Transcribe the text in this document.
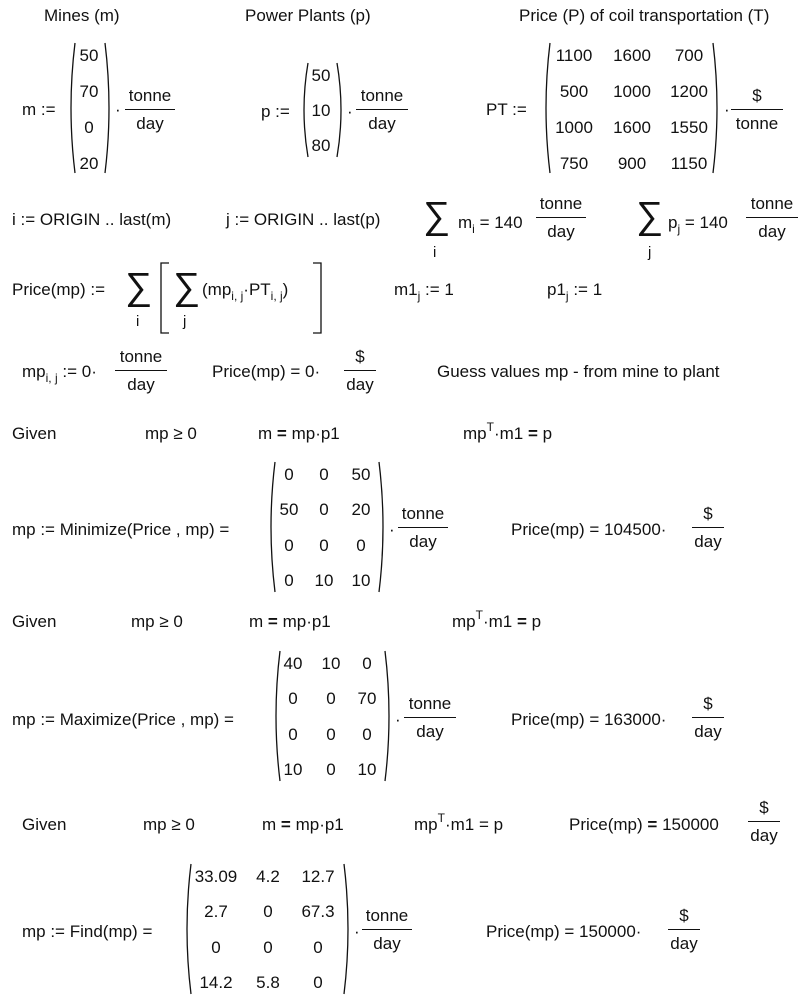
Mines (m)	Power Plants (p)	Price (P) of coil transportation (T)
m :=
50
70
0
20
·
tonne
day
p :=
50
10
80
·
tonne
day
PT :=
1100	1600	700
500	1000	1200
1000	1600	1550
750	900	1150
·
$
tonne
i := ORIGIN .. last(m)	j := ORIGIN .. last(p) ∑
i
$m_i = 140$
tonne
day ∑
j
$p_j = 140$
tonne
day
Price(mp) := ∑
i
∑
j
$(mp_{i, j}\cdot PT_{i, j})$	$m1_j$ := 1	$p1_j$ := 1
$mp_{i, j}$ := 0·
tonne
day
Price(mp) = 0·
$
day
Guess values mp - from mine to plant
Given	mp ≥ 0	m = mp·p1	$mp^T\cdot m1 = p$
mp := Minimize(Price , mp) =
0	0	50
50	0	20
0	0	0
0	10	10
·
tonne
day
Price(mp) = 104500·
$
day
Given	mp ≥ 0	m = mp·p1	$mp^T\cdot m1 = p$
mp := Maximize(Price , mp) =
40	10	0
0	0	70
0	0	0
10	0	10
·
tonne
day
Price(mp) = 163000·
$
day
Given	mp ≥ 0	m = mp·p1	$mp^T\cdot m1 = p$	Price(mp) = 150000
$
day
mp := Find(mp) =
33.09	4.2	12.7
2.7	0	67.3
0	0	0
14.2	5.8	0
·
tonne
day
Price(mp) = 150000·
$
day
